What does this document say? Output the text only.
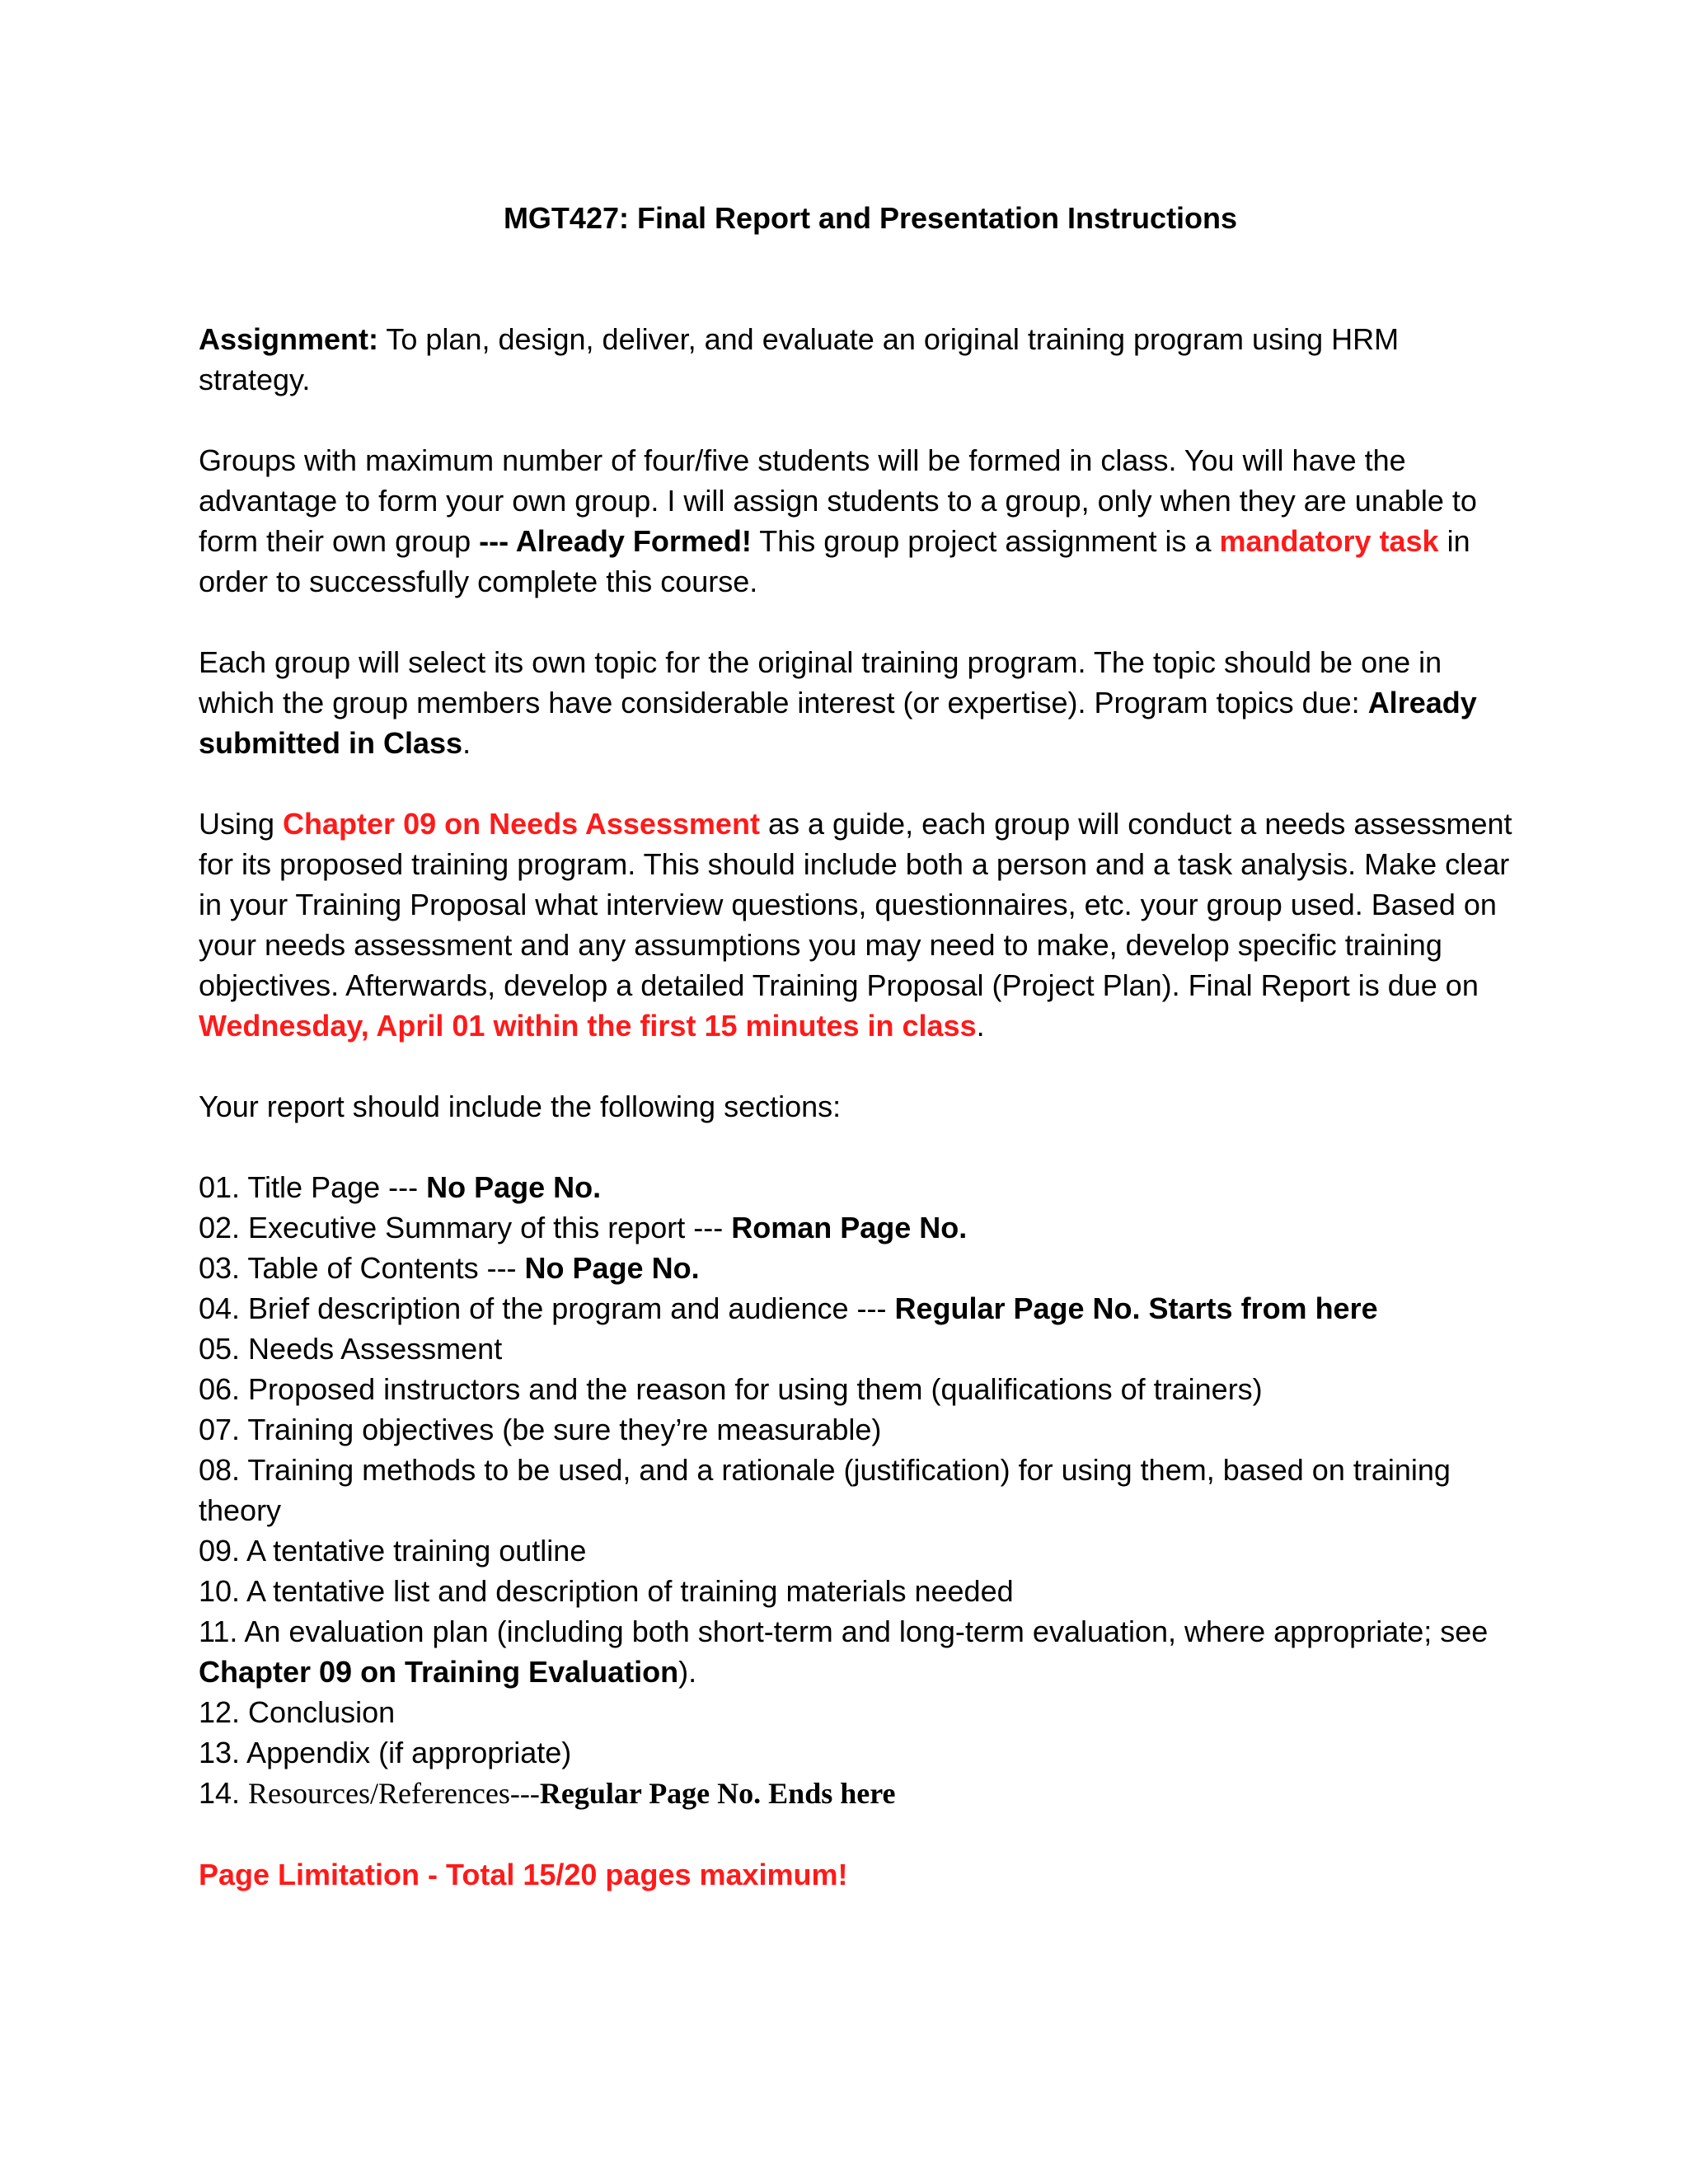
MGT427: Final Report and Presentation Instructions

Assignment: To plan, design, deliver, and evaluate an original training program using HRM strategy.

Groups with maximum number of four/five students will be formed in class. You will have the advantage to form your own group. I will assign students to a group, only when they are unable to form their own group --- Already Formed! This group project assignment is a mandatory task in order to successfully complete this course.

Each group will select its own topic for the original training program. The topic should be one in which the group members have considerable interest (or expertise). Program topics due: Already submitted in Class.

Using Chapter 09 on Needs Assessment as a guide, each group will conduct a needs assessment for its proposed training program. This should include both a person and a task analysis. Make clear in your Training Proposal what interview questions, questionnaires, etc. your group used. Based on your needs assessment and any assumptions you may need to make, develop specific training objectives. Afterwards, develop a detailed Training Proposal (Project Plan). Final Report is due on Wednesday, April 01 within the first 15 minutes in class.

Your report should include the following sections:

01. Title Page --- No Page No.
02. Executive Summary of this report --- Roman Page No.
03. Table of Contents --- No Page No.
04. Brief description of the program and audience --- Regular Page No. Starts from here
05. Needs Assessment
06. Proposed instructors and the reason for using them (qualifications of trainers)
07. Training objectives (be sure they’re measurable)
08. Training methods to be used, and a rationale (justification) for using them, based on training theory
09. A tentative training outline
10. A tentative list and description of training materials needed
11. An evaluation plan (including both short-term and long-term evaluation, where appropriate; see Chapter 09 on Training Evaluation).
12. Conclusion
13. Appendix (if appropriate)
14. Resources/References---Regular Page No. Ends here
Page Limitation - Total 15/20 pages maximum!
